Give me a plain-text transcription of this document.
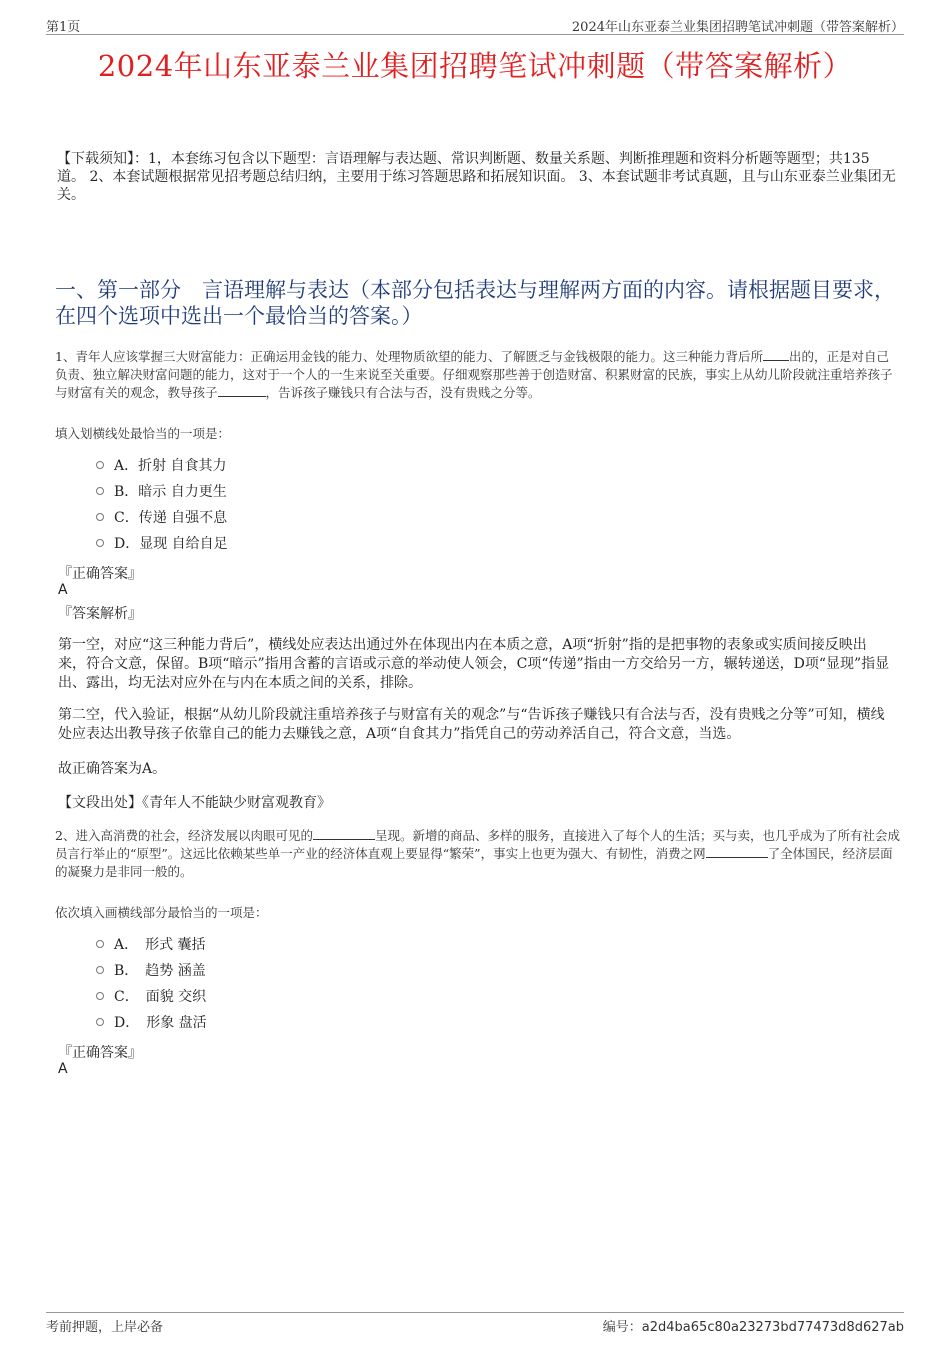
第1页	2024年山东亚泰兰业集团招聘笔试冲刺题（带答案解析）
2024年山东亚泰兰业集团招聘笔试冲刺题（带答案解析）
【下载须知】：1，本套练习包含以下题型：言语理解与表达题、常识判断题、数量关系题、判断推理题和资料分析题等题型；共135道。 2、本套试题根据常见招考题总结归纳，主要用于练习答题思路和拓展知识面。 3、本套试题非考试真题，且与山东亚泰兰业集团无关。
一、第一部分　言语理解与表达（本部分包括表达与理解两方面的内容。请根据题目要求，在四个选项中选出一个最恰当的答案。）
1、青年人应该掌握三大财富能力：正确运用金钱的能力、处理物质欲望的能力、了解匮乏与金钱极限的能力。这三种能力背后所 出的，正是对自己负责、独立解决财富问题的能力，这对于一个人的一生来说至关重要。仔细观察那些善于创造财富、积累财富的民族，事实上从幼儿阶段就注重培养孩子与财富有关的观念，教导孩子	，告诉孩子赚钱只有合法与否，没有贵贱之分等。
填入划横线处最恰当的一项是：
A．折射 自食其力
B．暗示 自力更生
C．传递 自强不息
D．显现 自给自足
『正确答案』
A
『答案解析』
第一空，对应“这三种能力背后”，横线处应表达出通过外在体现出内在本质之意，A项“折射”指的是把事物的表象或实质间接反映出来，符合文意，保留。B项“暗示”指用含蓄的言语或示意的举动使人领会，C项“传递”指由一方交给另一方，辗转递送，D项“显现”指显出、露出，均无法对应外在与内在本质之间的关系，排除。
第二空，代入验证，根据“从幼儿阶段就注重培养孩子与财富有关的观念”与“告诉孩子赚钱只有合法与否，没有贵贱之分等”可知，横线处应表达出教导孩子依靠自己的能力去赚钱之意，A项“自食其力”指凭自己的劳动养活自己，符合文意，当选。
故正确答案为A。
【文段出处】《青年人不能缺少财富观教育》
2、进入高消费的社会，经济发展以肉眼可见的	呈现。新增的商品、多样的服务，直接进入了每个人的生活；买与卖，也几乎成为了所有社会成员言行举止的“原型”。这远比依赖某些单一产业的经济体直观上要显得“繁荣”，事实上也更为强大、有韧性，消费之网	了全体国民，经济层面的凝聚力是非同一般的。
依次填入画横线部分最恰当的一项是：
A．　形式 囊括
B．　趋势 涵盖
C．　面貌 交织
D．　形象 盘活
『正确答案』
A
考前押题，上岸必备	编号：a2d4ba65c80a23273bd77473d8d627ab
